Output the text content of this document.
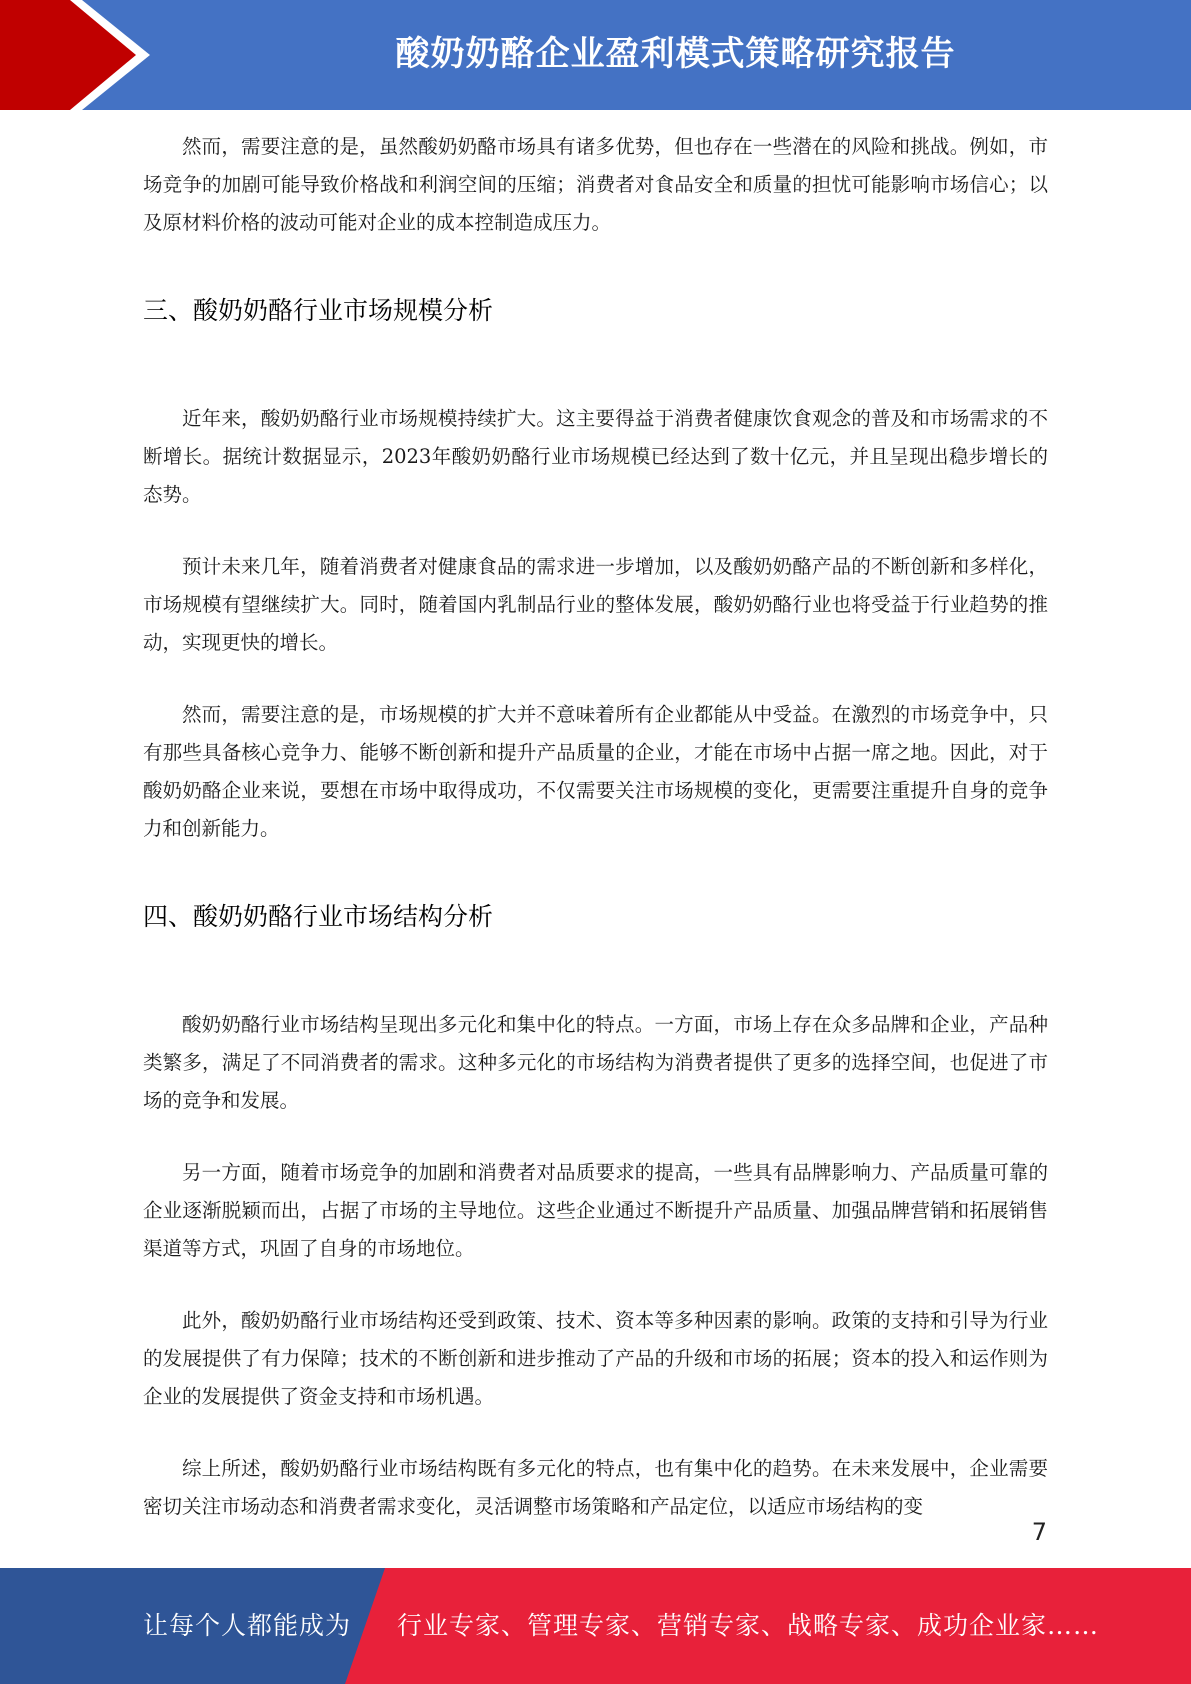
酸奶奶酪企业盈利模式策略研究报告

然而，需要注意的是，虽然酸奶奶酪市场具有诸多优势，但也存在一些潜在的风险和挑战。例如，市场竞争的加剧可能导致价格战和利润空间的压缩；消费者对食品安全和质量的担忧可能影响市场信心；以及原材料价格的波动可能对企业的成本控制造成压力。

三、酸奶奶酪行业市场规模分析

近年来，酸奶奶酪行业市场规模持续扩大。这主要得益于消费者健康饮食观念的普及和市场需求的不断增长。据统计数据显示，2023年酸奶奶酪行业市场规模已经达到了数十亿元，并且呈现出稳步增长的态势。

预计未来几年，随着消费者对健康食品的需求进一步增加，以及酸奶奶酪产品的不断创新和多样化，市场规模有望继续扩大。同时，随着国内乳制品行业的整体发展，酸奶奶酪行业也将受益于行业趋势的推动，实现更快的增长。

然而，需要注意的是，市场规模的扩大并不意味着所有企业都能从中受益。在激烈的市场竞争中，只有那些具备核心竞争力、能够不断创新和提升产品质量的企业，才能在市场中占据一席之地。因此，对于酸奶奶酪企业来说，要想在市场中取得成功，不仅需要关注市场规模的变化，更需要注重提升自身的竞争力和创新能力。

四、酸奶奶酪行业市场结构分析

酸奶奶酪行业市场结构呈现出多元化和集中化的特点。一方面，市场上存在众多品牌和企业，产品种类繁多，满足了不同消费者的需求。这种多元化的市场结构为消费者提供了更多的选择空间，也促进了市场的竞争和发展。

另一方面，随着市场竞争的加剧和消费者对品质要求的提高，一些具有品牌影响力、产品质量可靠的企业逐渐脱颖而出，占据了市场的主导地位。这些企业通过不断提升产品质量、加强品牌营销和拓展销售渠道等方式，巩固了自身的市场地位。

此外，酸奶奶酪行业市场结构还受到政策、技术、资本等多种因素的影响。政策的支持和引导为行业的发展提供了有力保障；技术的不断创新和进步推动了产品的升级和市场的拓展；资本的投入和运作则为企业的发展提供了资金支持和市场机遇。

综上所述，酸奶奶酪行业市场结构既有多元化的特点，也有集中化的趋势。在未来发展中，企业需要密切关注市场动态和消费者需求变化，灵活调整市场策略和产品定位，以适应市场结构的变

7
让每个人都能成为 行业专家、管理专家、营销专家、战略专家、成功企业家……
